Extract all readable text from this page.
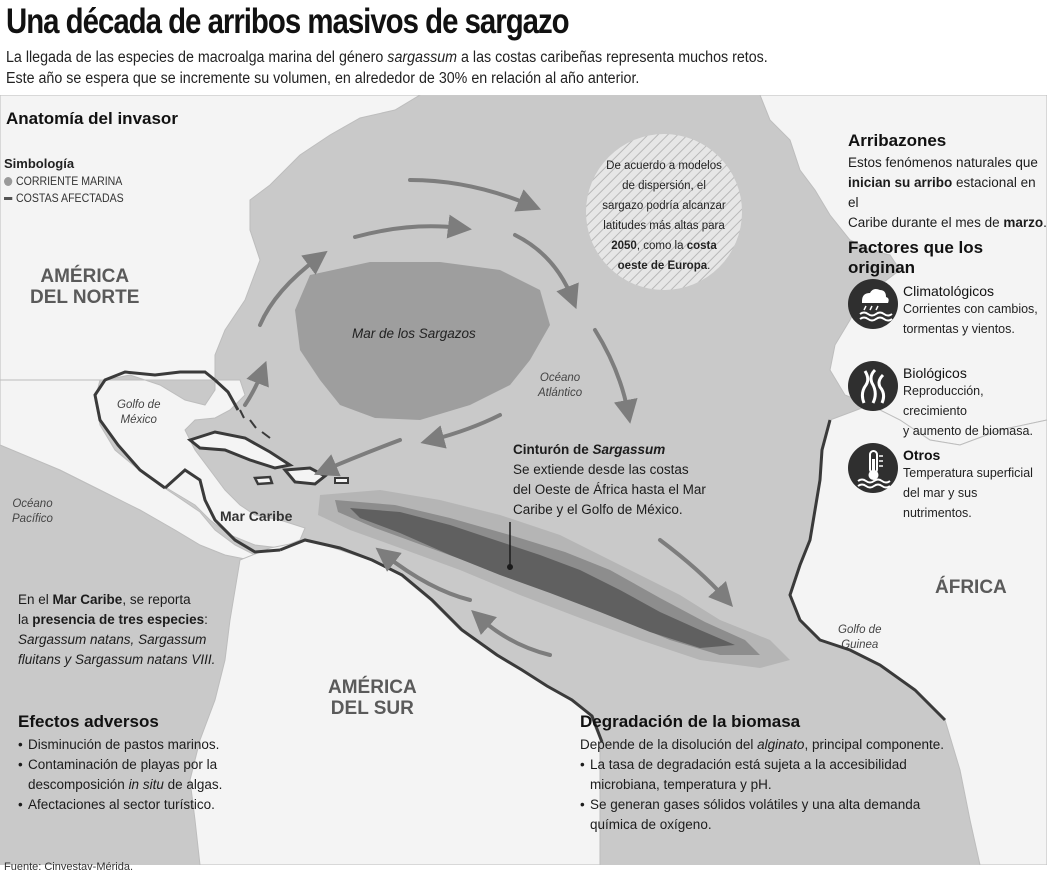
Una década de arribos masivos de sargazo
La llegada de las especies de macroalga marina del género sargassum a las costas caribeñas representa muchos retos.
Este año se espera que se incremente su volumen, en alrededor de 30% en relación al año anterior.
Anatomía del invasor
Simbología
CORRIENTE MARINA
COSTAS AFECTADAS
AMÉRICA
DEL NORTE
AMÉRICA
DEL SUR
ÁFRICA
Golfo de
México
Océano
Pacífico
Océano
Atlántico
Mar Caribe
Mar de los Sargazos
Golfo de
Guinea
De acuerdo a modelos
de dispersión, el
sargazo podría alcanzar
latitudes más altas para
2050, como la costa
oeste de Europa.
Cinturón de Sargassum
Se extiende desde las costas
del Oeste de África hasta el Mar
Caribe y el Golfo de México.
Arribazones
Estos fenómenos naturales que
inician su arribo estacional en el
Caribe durante el mes de marzo.
Factores que los originan
Climatológicos
Corrientes con cambios,
tormentas y vientos.
Biológicos
Reproducción, crecimiento
y aumento de biomasa.
Otros
Temperatura superficial
del mar y sus nutrimentos.
En el Mar Caribe, se reporta
la presencia de tres especies:
Sargassum natans, Sargassum
fluitans y Sargassum natans VIII.
Efectos adversos
• Disminución de pastos marinos.
• Contaminación de playas por la
descomposición in situ de algas.
• Afectaciones al sector turístico.
Degradación de la biomasa
Depende de la disolución del alginato, principal componente.
• La tasa de degradación está sujeta a la accesibilidad
microbiana, temperatura y pH.
• Se generan gases sólidos volátiles y una alta demanda
química de oxígeno.
Fuente: Cinvestav-Mérida.
